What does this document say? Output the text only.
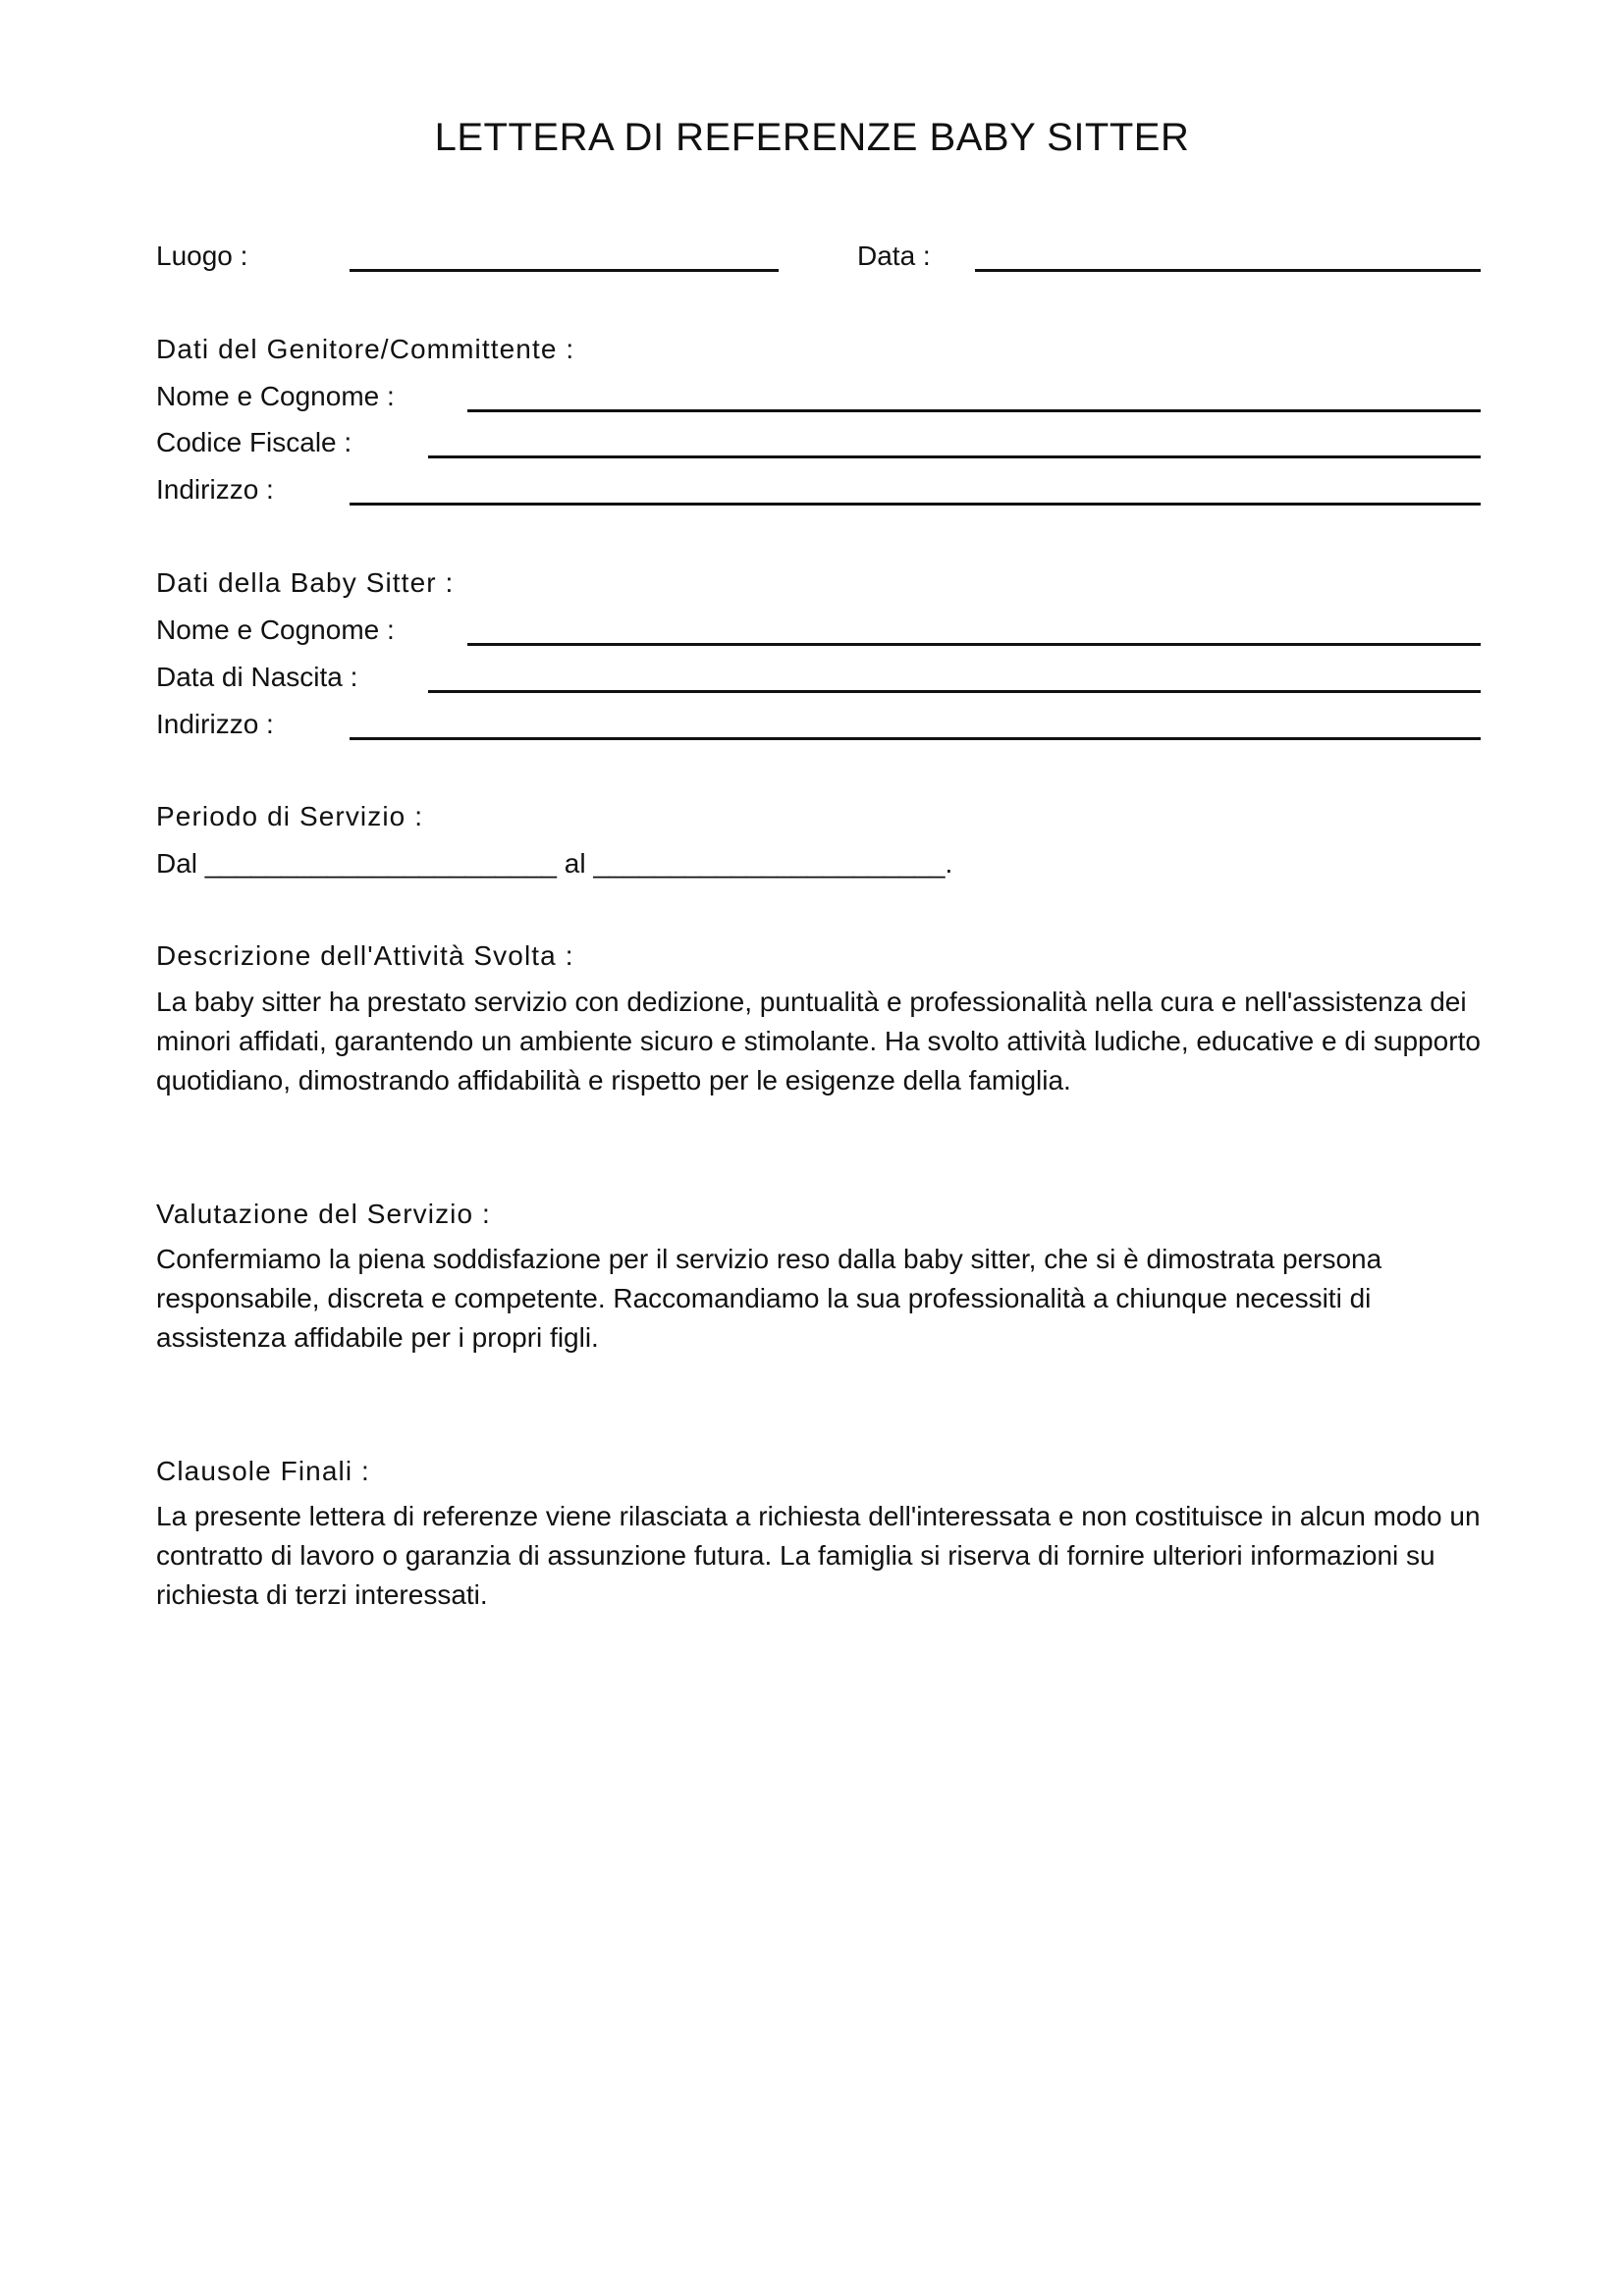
LETTERA DI REFERENZE BABY SITTER
Luogo :	Data :
Dati del Genitore/Committente :
Nome e Cognome :
Codice Fiscale :
Indirizzo :
Dati della Baby Sitter :
Nome e Cognome :
Data di Nascita :
Indirizzo :
Periodo di Servizio :
Dal _______________________ al _______________________.
Descrizione dell'Attività Svolta :
La baby sitter ha prestato servizio con dedizione, puntualità e professionalità nella cura e nell'assistenza dei minori affidati, garantendo un ambiente sicuro e stimolante. Ha svolto attività ludiche, educative e di supporto quotidiano, dimostrando affidabilità e rispetto per le esigenze della famiglia.
Valutazione del Servizio :
Confermiamo la piena soddisfazione per il servizio reso dalla baby sitter, che si è dimostrata persona responsabile, discreta e competente. Raccomandiamo la sua professionalità a chiunque necessiti di assistenza affidabile per i propri figli.
Clausole Finali :
La presente lettera di referenze viene rilasciata a richiesta dell'interessata e non costituisce in alcun modo un contratto di lavoro o garanzia di assunzione futura. La famiglia si riserva di fornire ulteriori informazioni su richiesta di terzi interessati.
